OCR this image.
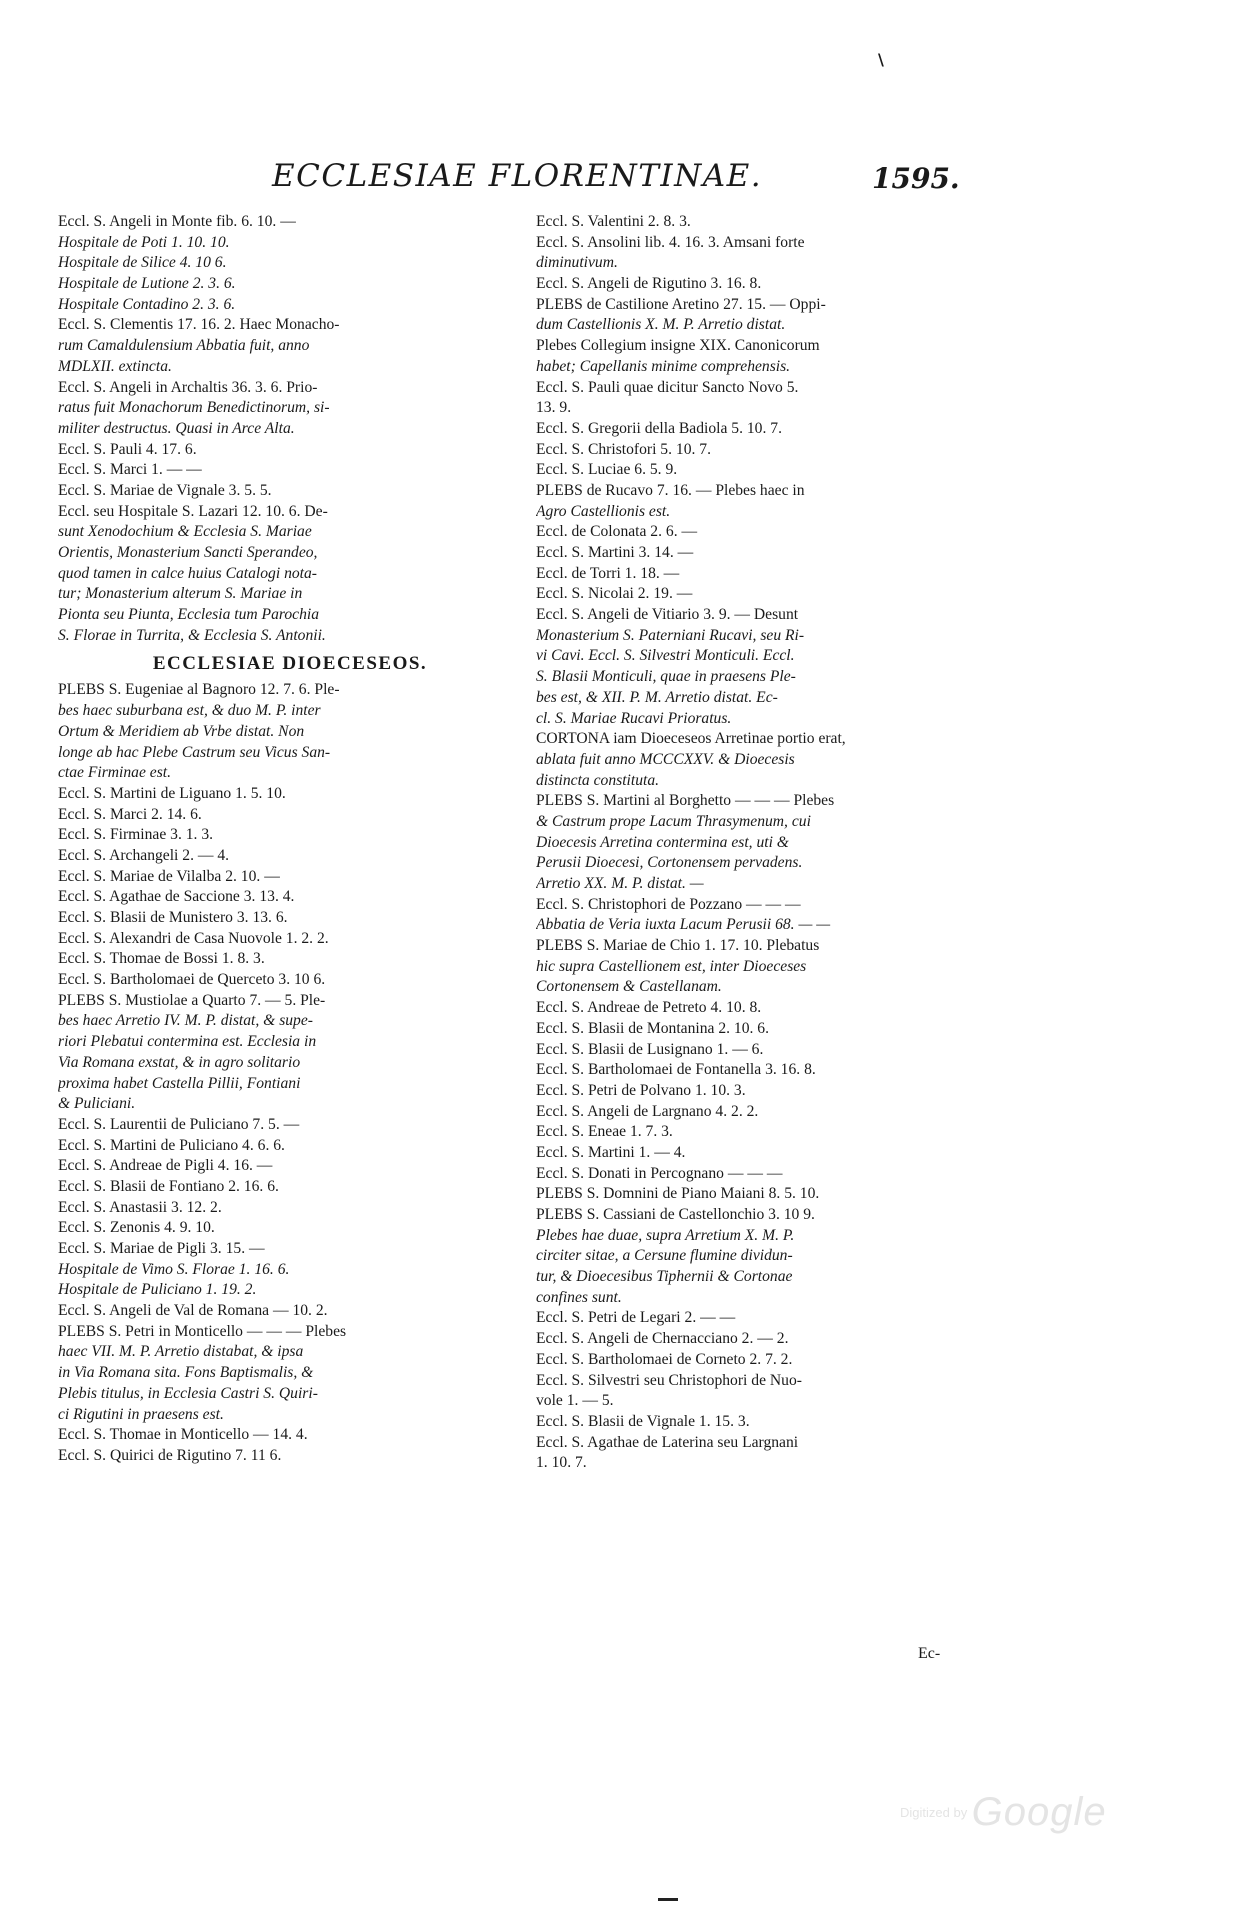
\
ECCLESIAE FLORENTINAE.	1595.
Eccl. S. Angeli in Monte fib. 6. 10. —
Hospitale de Poti 1. 10. 10.
Hospitale de Silice 4. 10 6.
Hospitale de Lutione 2. 3. 6.
Hospitale Contadino 2. 3. 6.
Eccl. S. Clementis 17. 16. 2. Haec Monacho-
rum Camaldulensium Abbatia fuit, anno
MDLXII. extincta.
Eccl. S. Angeli in Archaltis 36. 3. 6. Prio-
ratus fuit Monachorum Benedictinorum, si-
militer destructus. Quasi in Arce Alta.
Eccl. S. Pauli 4. 17. 6.
Eccl. S. Marci 1. — —
Eccl. S. Mariae de Vignale 3. 5. 5.
Eccl. seu Hospitale S. Lazari 12. 10. 6. De-
sunt Xenodochium & Ecclesia S. Mariae
Orientis, Monasterium Sancti Sperandeo,
quod tamen in calce huius Catalogi nota-
tur; Monasterium alterum S. Mariae in
Pionta seu Piunta, Ecclesia tum Parochia
S. Florae in Turrita, & Ecclesia S. Antonii.
ECCLESIAE DIOECESEOS.
PLEBS S. Eugeniae al Bagnoro 12. 7. 6. Ple-
bes haec suburbana est, & duo M. P. inter
Ortum & Meridiem ab Vrbe distat. Non
longe ab hac Plebe Castrum seu Vicus San-
ctae Firminae est.
Eccl. S. Martini de Liguano 1. 5. 10.
Eccl. S. Marci 2. 14. 6.
Eccl. S. Firminae 3. 1. 3.
Eccl. S. Archangeli 2. — 4.
Eccl. S. Mariae de Vilalba 2. 10. —
Eccl. S. Agathae de Saccione 3. 13. 4.
Eccl. S. Blasii de Munistero 3. 13. 6.
Eccl. S. Alexandri de Casa Nuovole 1. 2. 2.
Eccl. S. Thomae de Bossi 1. 8. 3.
Eccl. S. Bartholomaei de Querceto 3. 10 6.
PLEBS S. Mustiolae a Quarto 7. — 5. Ple-
bes haec Arretio IV. M. P. distat, & supe-
riori Plebatui contermina est. Ecclesia in
Via Romana exstat, & in agro solitario
proxima habet Castella Pillii, Fontiani
& Puliciani.
Eccl. S. Laurentii de Puliciano 7. 5. —
Eccl. S. Martini de Puliciano 4. 6. 6.
Eccl. S. Andreae de Pigli 4. 16. —
Eccl. S. Blasii de Fontiano 2. 16. 6.
Eccl. S. Anastasii 3. 12. 2.
Eccl. S. Zenonis 4. 9. 10.
Eccl. S. Mariae de Pigli 3. 15. —
Hospitale de Vimo S. Florae 1. 16. 6.
Hospitale de Puliciano 1. 19. 2.
Eccl. S. Angeli de Val de Romana — 10. 2.
PLEBS S. Petri in Monticello — — — Plebes
haec VII. M. P. Arretio distabat, & ipsa
in Via Romana sita. Fons Baptismalis, &
Plebis titulus, in Ecclesia Castri S. Quiri-
ci Rigutini in praesens est.
Eccl. S. Thomae in Monticello — 14. 4.
Eccl. S. Quirici de Rigutino 7. 11 6.
Eccl. S. Valentini 2. 8. 3.
Eccl. S. Ansolini lib. 4. 16. 3. Amsani forte
diminutivum.
Eccl. S. Angeli de Rigutino 3. 16. 8.
PLEBS de Castilione Aretino 27. 15. — Oppi-
dum Castellionis X. M. P. Arretio distat.
Plebes Collegium insigne XIX. Canonicorum
habet; Capellanis minime comprehensis.
Eccl. S. Pauli quae dicitur Sancto Novo 5.
13. 9.
Eccl. S. Gregorii della Badiola 5. 10. 7.
Eccl. S. Christofori 5. 10. 7.
Eccl. S. Luciae 6. 5. 9.
PLEBS de Rucavo 7. 16. — Plebes haec in
Agro Castellionis est.
Eccl. de Colonata 2. 6. —
Eccl. S. Martini 3. 14. —
Eccl. de Torri 1. 18. —
Eccl. S. Nicolai 2. 19. —
Eccl. S. Angeli de Vitiario 3. 9. — Desunt
Monasterium S. Paterniani Rucavi, seu Ri-
vi Cavi. Eccl. S. Silvestri Monticuli. Eccl.
S. Blasii Monticuli, quae in praesens Ple-
bes est, & XII. P. M. Arretio distat. Ec-
cl. S. Mariae Rucavi Prioratus.
CORTONA iam Dioeceseos Arretinae portio erat,
ablata fuit anno MCCCXXV. & Dioecesis
distincta constituta.
PLEBS S. Martini al Borghetto — — — Plebes
& Castrum prope Lacum Thrasymenum, cui
Dioecesis Arretina contermina est, uti &
Perusii Dioecesi, Cortonensem pervadens.
Arretio XX. M. P. distat. —
Eccl. S. Christophori de Pozzano — — —
Abbatia de Veria iuxta Lacum Perusii 68. — —
PLEBS S. Mariae de Chio 1. 17. 10. Plebatus
hic supra Castellionem est, inter Dioeceses
Cortonensem & Castellanam.
Eccl. S. Andreae de Petreto 4. 10. 8.
Eccl. S. Blasii de Montanina 2. 10. 6.
Eccl. S. Blasii de Lusignano 1. — 6.
Eccl. S. Bartholomaei de Fontanella 3. 16. 8.
Eccl. S. Petri de Polvano 1. 10. 3.
Eccl. S. Angeli de Largnano 4. 2. 2.
Eccl. S. Eneae 1. 7. 3.
Eccl. S. Martini 1. — 4.
Eccl. S. Donati in Percognano — — —
PLEBS S. Domnini de Piano Maiani 8. 5. 10.
PLEBS S. Cassiani de Castellonchio 3. 10 9.
Plebes hae duae, supra Arretium X. M. P.
circiter sitae, a Cersune flumine dividun-
tur, & Dioecesibus Tiphernii & Cortonae
confines sunt.
Eccl. S. Petri de Legari 2. — —
Eccl. S. Angeli de Chernacciano 2. — 2.
Eccl. S. Bartholomaei de Corneto 2. 7. 2.
Eccl. S. Silvestri seu Christophori de Nuo-
vole 1. — 5.
Eccl. S. Blasii de Vignale 1. 15. 3.
Eccl. S. Agathae de Laterina seu Largnani
1. 10. 7.
Ec-
Digitized by Google
